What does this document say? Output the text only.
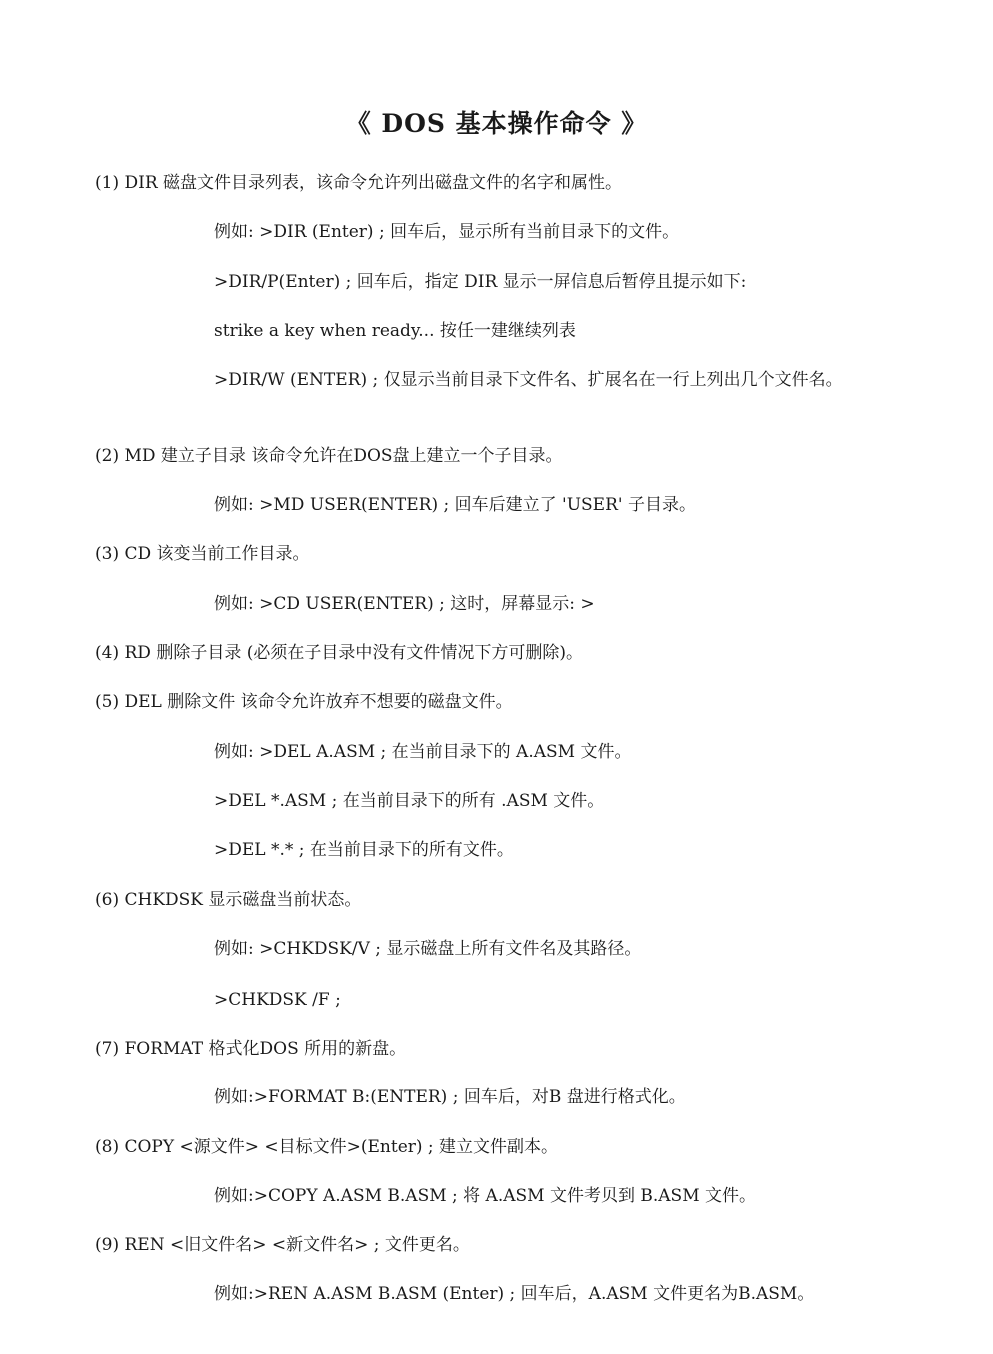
《 DOS 基本操作命令 》
(1) DIR 磁盘文件目录列表，该命令允许列出磁盘文件的名字和属性。
例如: >DIR (Enter) ; 回车后，显示所有当前目录下的文件。
>DIR/P(Enter) ; 回车后，指定 DIR 显示一屏信息后暂停且提示如下:
strike a key when ready... 按任一建继续列表
>DIR/W (ENTER) ; 仅显示当前目录下文件名、扩展名在一行上列出几个文件名。
(2) MD 建立子目录 该命令允许在DOS盘上建立一个子目录。
例如: >MD USER(ENTER) ; 回车后建立了 'USER' 子目录。
(3) CD 该变当前工作目录。
例如: >CD USER(ENTER) ; 这时，屏幕显示: >
(4) RD 删除子目录 (必须在子目录中没有文件情况下方可删除)。
(5) DEL 删除文件 该命令允许放弃不想要的磁盘文件。
例如: >DEL A.ASM ; 在当前目录下的 A.ASM 文件。
>DEL *.ASM ; 在当前目录下的所有 .ASM 文件。
>DEL *.* ; 在当前目录下的所有文件。
(6) CHKDSK 显示磁盘当前状态。
例如: >CHKDSK/V ; 显示磁盘上所有文件名及其路径。
>CHKDSK /F ;
(7) FORMAT 格式化DOS 所用的新盘。
例如:>FORMAT B:(ENTER) ; 回车后，对B 盘进行格式化。
(8) COPY <源文件> <目标文件>(Enter) ; 建立文件副本。
例如:>COPY A.ASM B.ASM ; 将 A.ASM 文件考贝到 B.ASM 文件。
(9) REN <旧文件名> <新文件名> ; 文件更名。
例如:>REN A.ASM B.ASM (Enter) ; 回车后，A.ASM 文件更名为B.ASM。
